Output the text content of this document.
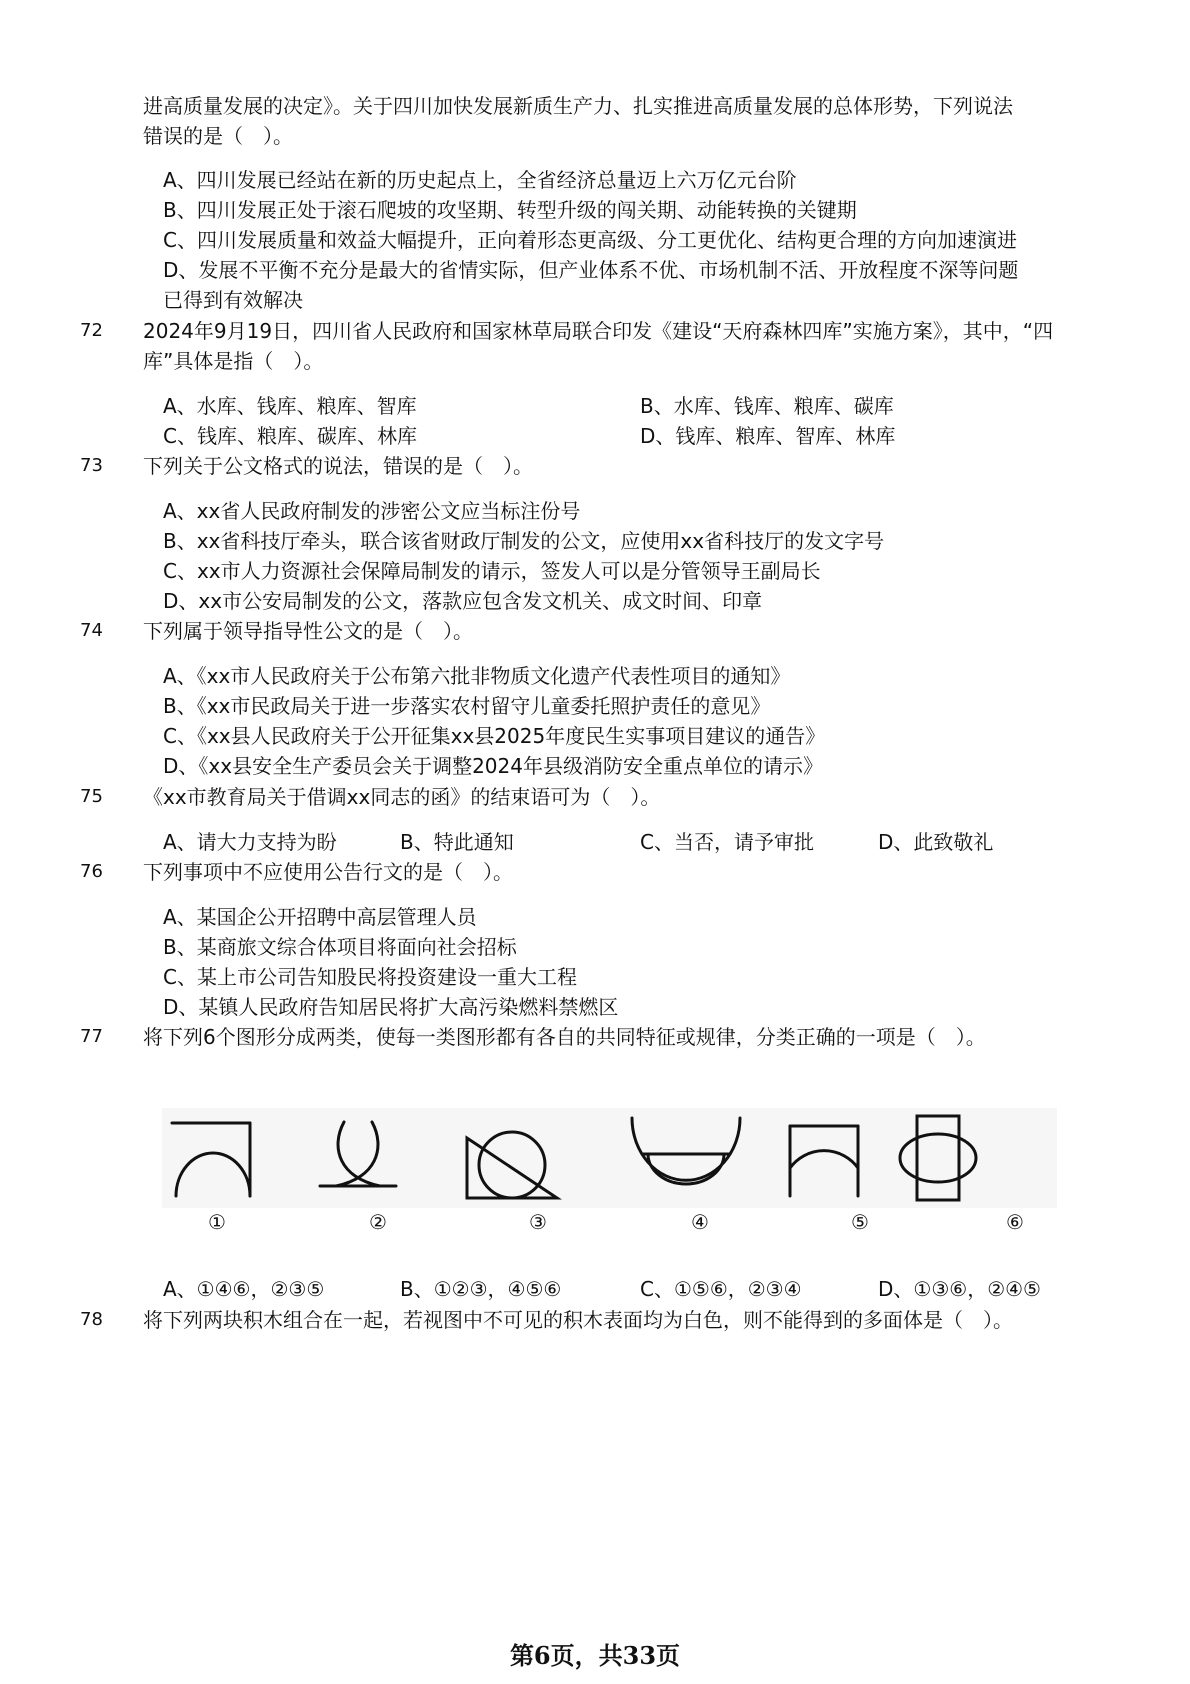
进高质量发展的决定》。关于四川加快发展新质生产力、扎实推进高质量发展的总体形势，下列说法
错误的是（　）。
A、四川发展已经站在新的历史起点上，全省经济总量迈上六万亿元台阶
B、四川发展正处于滚石爬坡的攻坚期、转型升级的闯关期、动能转换的关键期
C、四川发展质量和效益大幅提升，正向着形态更高级、分工更优化、结构更合理的方向加速演进
D、发展不平衡不充分是最大的省情实际，但产业体系不优、市场机制不活、开放程度不深等问题
已得到有效解决
72 2024年9月19日，四川省人民政府和国家林草局联合印发《建设“天府森林四库”实施方案》，其中，“四
库”具体是指（　）。
A、水库、钱库、粮库、智库	B、水库、钱库、粮库、碳库
C、钱库、粮库、碳库、林库	D、钱库、粮库、智库、林库
73 下列关于公文格式的说法，错误的是（　）。
A、xx省人民政府制发的涉密公文应当标注份号
B、xx省科技厅牵头，联合该省财政厅制发的公文，应使用xx省科技厅的发文字号
C、xx市人力资源社会保障局制发的请示，签发人可以是分管领导王副局长
D、xx市公安局制发的公文，落款应包含发文机关、成文时间、印章
74 下列属于领导指导性公文的是（　）。
A、《xx市人民政府关于公布第六批非物质文化遗产代表性项目的通知》
B、《xx市民政局关于进一步落实农村留守儿童委托照护责任的意见》
C、《xx县人民政府关于公开征集xx县2025年度民生实事项目建议的通告》
D、《xx县安全生产委员会关于调整2024年县级消防安全重点单位的请示》
75 《xx市教育局关于借调xx同志的函》的结束语可为（　）。
A、请大力支持为盼	B、特此通知	C、当否，请予审批	D、此致敬礼
76 下列事项中不应使用公告行文的是（　）。
A、某国企公开招聘中高层管理人员
B、某商旅文综合体项目将面向社会招标
C、某上市公司告知股民将投资建设一重大工程
D、某镇人民政府告知居民将扩大高污染燃料禁燃区
77 将下列6个图形分成两类，使每一类图形都有各自的共同特征或规律，分类正确的一项是（　）。
①	②	③	④	⑤	⑥
A、①④⑥，②③⑤	B、①②③，④⑤⑥	C、①⑤⑥，②③④	D、①③⑥，②④⑤
78 将下列两块积木组合在一起，若视图中不可见的积木表面均为白色，则不能得到的多面体是（　）。
第6页，共33页
